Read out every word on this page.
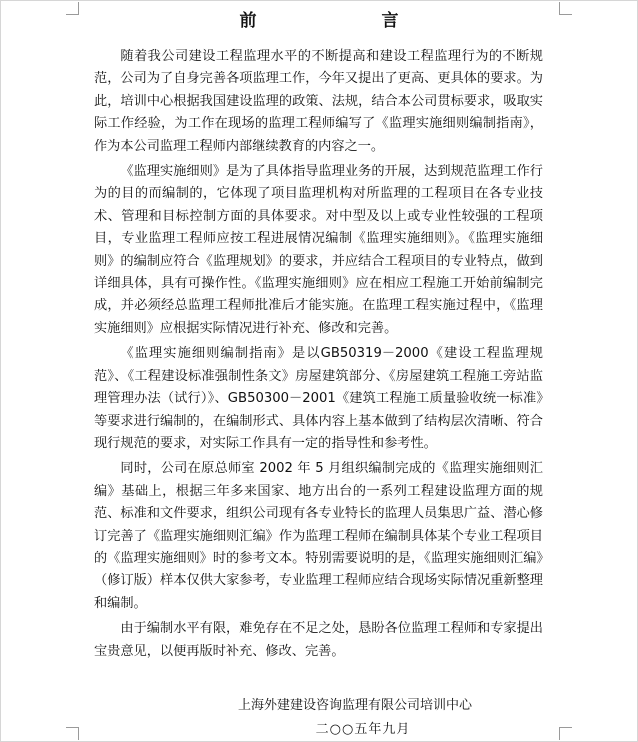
前　言

随着我公司建设工程监理水平的不断提高和建设工程监理行为的不断规范，公司为了自身完善各项监理工作，今年又提出了更高、更具体的要求。为此，培训中心根据我国建设监理的政策、法规，结合本公司贯标要求，吸取实际工作经验，为工作在现场的监理工程师编写了《监理实施细则编制指南》，作为本公司监理工程师内部继续教育的内容之一。

《监理实施细则》是为了具体指导监理业务的开展，达到规范监理工作行为的目的而编制的，它体现了项目监理机构对所监理的工程项目在各专业技术、管理和目标控制方面的具体要求。对中型及以上或专业性较强的工程项目，专业监理工程师应按工程进展情况编制《监理实施细则》。《监理实施细则》的编制应符合《监理规划》的要求，并应结合工程项目的专业特点，做到详细具体，具有可操作性。《监理实施细则》应在相应工程施工开始前编制完成，并必须经总监理工程师批准后才能实施。在监理工程实施过程中，《监理实施细则》应根据实际情况进行补充、修改和完善。

《监理实施细则编制指南》是以GB50319－2000《建设工程监理规范》、《工程建设标准强制性条文》房屋建筑部分、《房屋建筑工程施工旁站监理管理办法（试行）》、GB50300－2001《建筑工程施工质量验收统一标准》等要求进行编制的，在编制形式、具体内容上基本做到了结构层次清晰、符合现行规范的要求，对实际工作具有一定的指导性和参考性。

同时，公司在原总师室 2002 年 5 月组织编制完成的《监理实施细则汇编》基础上，根据三年多来国家、地方出台的一系列工程建设监理方面的规范、标准和文件要求，组织公司现有各专业特长的监理人员集思广益、潜心修订完善了《监理实施细则汇编》作为监理工程师在编制具体某个专业工程项目的《监理实施细则》时的参考文本。特别需要说明的是，《监理实施细则汇编》（修订版）样本仅供大家参考，专业监理工程师应结合现场实际情况重新整理和编制。

由于编制水平有限，难免存在不足之处，恳盼各位监理工程师和专家提出宝贵意见，以便再版时补充、修改、完善。

上海外建建设咨询监理有限公司培训中心
二○○五年九月
